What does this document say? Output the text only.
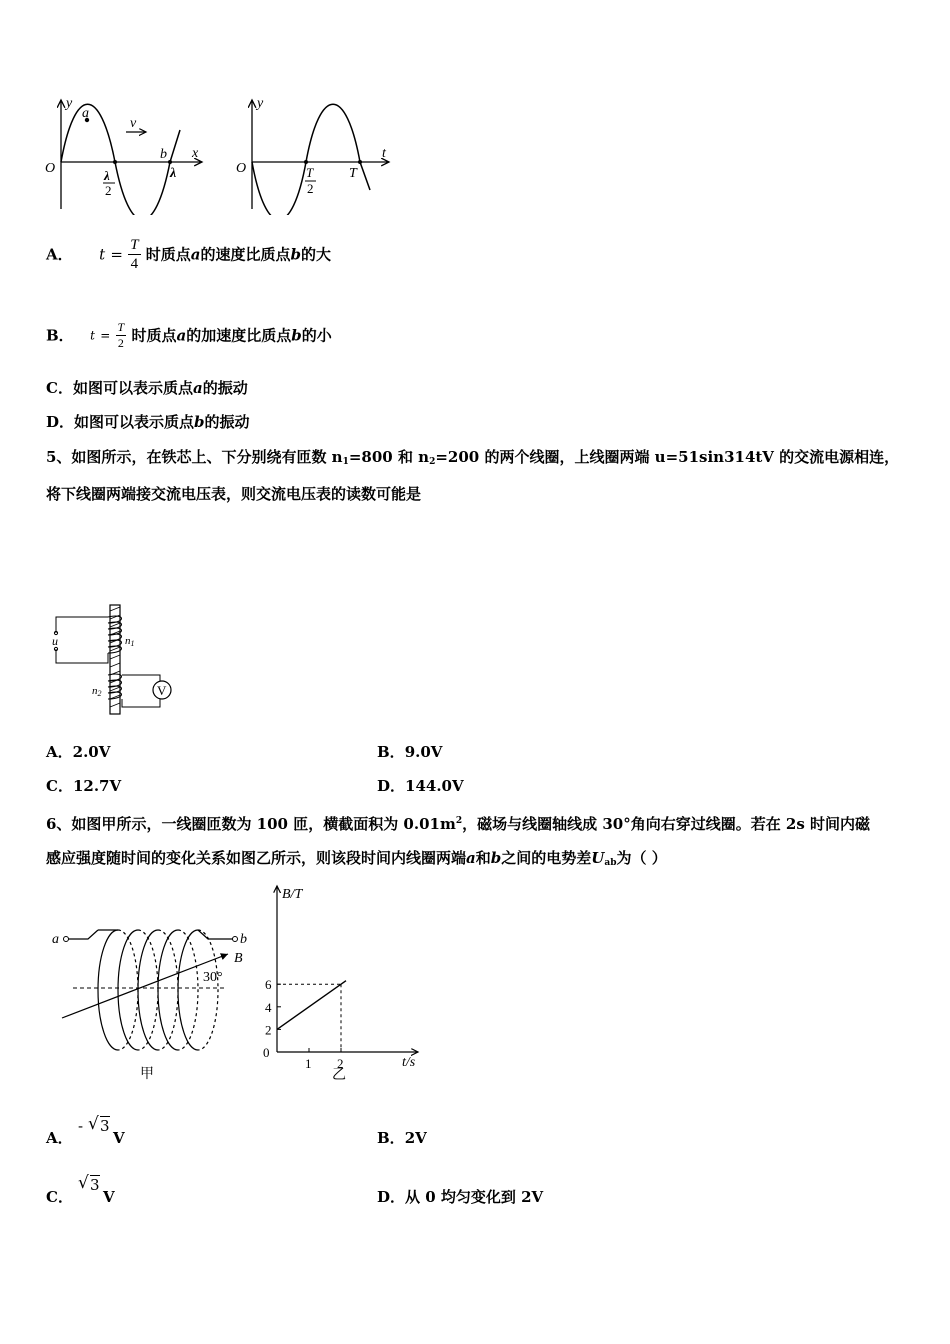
y
x
O
a
b
v
λ
2
λ
y
t
O	T
2
T
A． $t = \frac{T}{4}$ 时质点a的速度比质点b的大
B． $t = \frac{T}{2}$ 时质点a的加速度比质点b的小
C．如图可以表示质点a的振动
D．如图可以表示质点b的振动
5、如图所示，在铁芯上、下分别绕有匝数 $n_1=800$ 和 $n_2=200$ 的两个线圈，上线圈两端 u=51sin314tV 的交流电源相连，
将下线圈两端接交流电压表，则交流电压表的读数可能是
u
V
n1
n2
A．2.0V	B．9.0V
C．12.7V	D．144.0V
6、如图甲所示，一线圈匝数为 100 匝，横截面积为 $0.01m^2$，磁场与线圈轴线成 30°角向右穿过线圈。若在 2s 时间内磁
感应强度随时间的变化关系如图乙所示，则该段时间内线圈两端a和b之间的电势差$U_{ab}$为（ ）
a	b
B
30°
甲
B/T
t/s
乙
2
4
6
0
1 2
A．
- √ 3
V	B．2V
C．
√ 3
V	D．从 0 均匀变化到 2V
